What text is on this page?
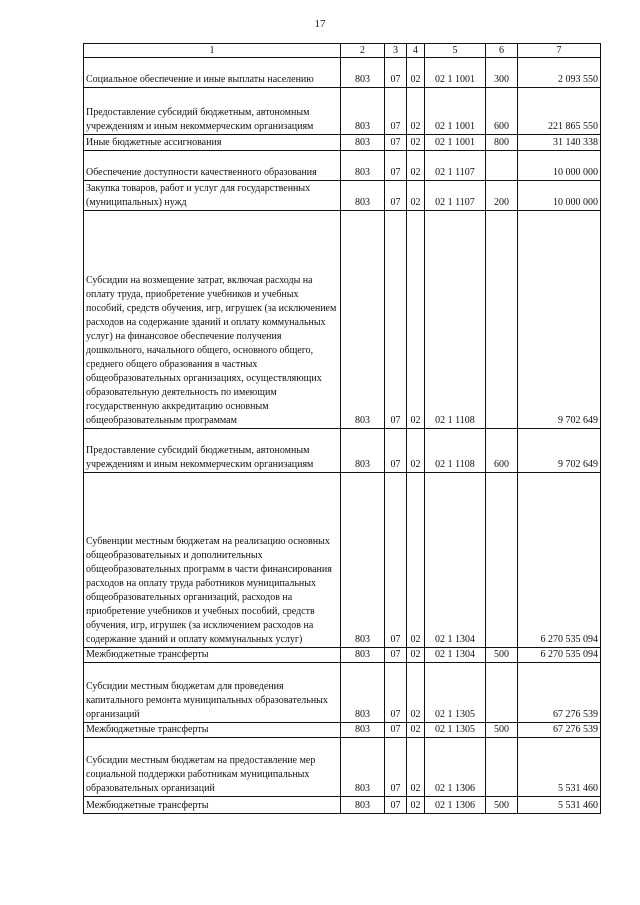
17
1	2	3	4	5	6	7
Социальное обеспечение и иные выплаты населению	803	07	02	02 1 1001	300	2 093 550
Предоставление субсидий бюджетным, автономным учреждениям и иным некоммерческим организациям	803	07	02	02 1 1001	600	221 865 550
Иные бюджетные ассигнования	803	07	02	02 1 1001	800	31 140 338
Обеспечение доступности качественного образования	803	07	02	02 1 1107		10 000 000
Закупка товаров, работ и услуг для государственных (муниципальных) нужд	803	07	02	02 1 1107	200	10 000 000
Субсидии на возмещение затрат, включая расходы на оплату труда, приобретение учебников и учебных пособий, средств обучения, игр, игрушек (за исключением расходов на содержание зданий и оплату коммунальных услуг) на финансовое обеспечение получения дошкольного, начального общего, основного общего, среднего общего образования в частных общеобразовательных организациях, осуществляющих образовательную деятельность по имеющим государственную аккредитацию основным общеобразовательным программам	803	07	02	02 1 1108		9 702 649
Предоставление субсидий бюджетным, автономным учреждениям и иным некоммерческим организациям	803	07	02	02 1 1108	600	9 702 649
Субвенции местным бюджетам на реализацию основных общеобразовательных и дополнительных общеобразовательных программ в части финансирования расходов на оплату труда работников муниципальных общеобразовательных организаций, расходов на приобретение учебников и учебных пособий, средств обучения, игр, игрушек (за исключением расходов на содержание зданий и оплату коммунальных услуг)	803	07	02	02 1 1304		6 270 535 094
Межбюджетные трансферты	803	07	02	02 1 1304	500	6 270 535 094
Субсидии местным бюджетам для проведения капитального ремонта муниципальных образовательных организаций	803	07	02	02 1 1305		67 276 539
Межбюджетные трансферты	803	07	02	02 1 1305	500	67 276 539
Субсидии местным бюджетам на предоставление мер социальной поддержки работникам муниципальных образовательных организаций	803	07	02	02 1 1306		5 531 460
Межбюджетные трансферты	803	07	02	02 1 1306	500	5 531 460
